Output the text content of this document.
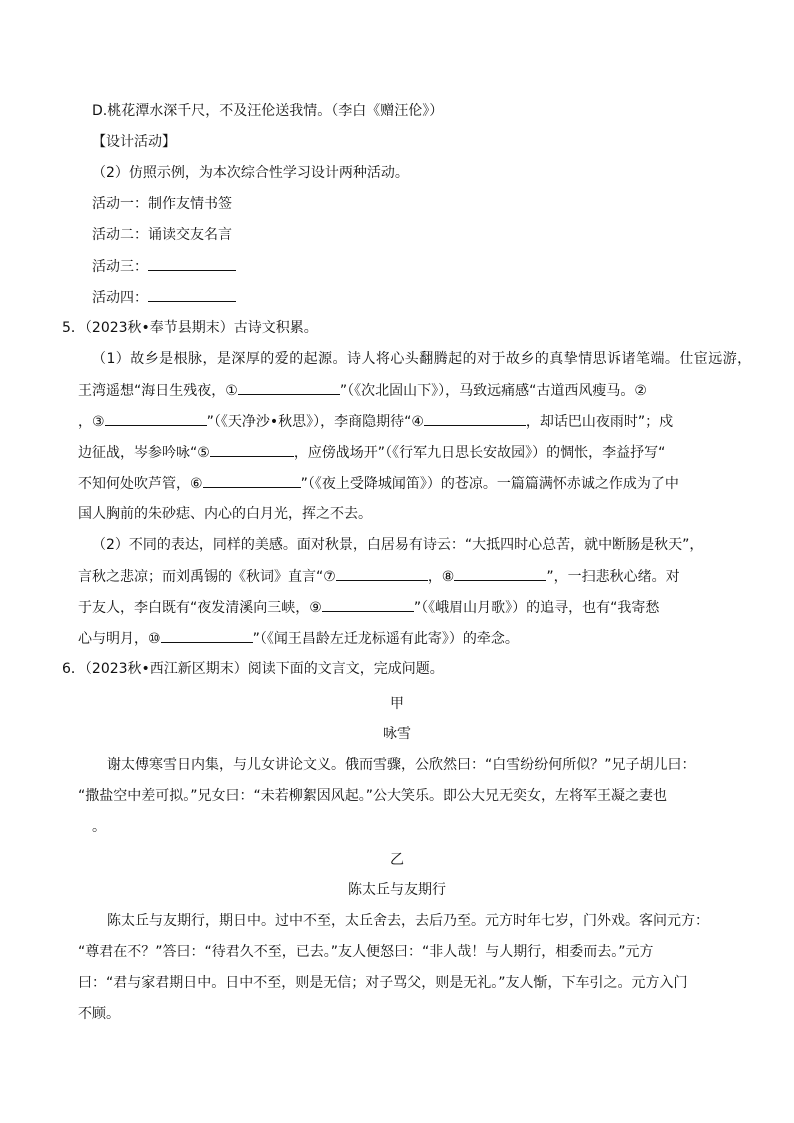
D.桃花潭水深千尺，不及汪伦送我情。（李白《赠汪伦》）
【设计活动】
（2）仿照示例，为本次综合性学习设计两种活动。
活动一：制作友情书签
活动二：诵读交友名言
活动三：
活动四：
5．（2023秋•奉节县期末）古诗文积累。
（1）故乡是根脉，是深厚的爱的起源。诗人将心头翻腾起的对于故乡的真挚情思诉诸笔端。仕宦远游，
王湾遥想“海日生残夜，①	”（《次北固山下》），马致远痛感“古道西风瘦马。②
，③	”（《天净沙•秋思》），李商隐期待“④	，却话巴山夜雨时”；戍
边征战，岑参吟咏“⑤	，应傍战场开”（《行军九日思长安故园》）的惆怅，李益抒写“
不知何处吹芦管，⑥	”（《夜上受降城闻笛》）的苍凉。一篇篇满怀赤诚之作成为了中
国人胸前的朱砂痣、内心的白月光，挥之不去。
（2）不同的表达，同样的美感。面对秋景，白居易有诗云：“大抵四时心总苦，就中断肠是秋天”，
言秋之悲凉；而刘禹锡的《秋词》直言“⑦	，⑧	”，一扫悲秋心绪。对
于友人，李白既有“夜发清溪向三峡，⑨	”（《峨眉山月歌》）的追寻，也有“我寄愁
心与明月，⑩	”（《闻王昌龄左迁龙标遥有此寄》）的牵念。
6．（2023秋•西江新区期末）阅读下面的文言文，完成问题。
甲
咏雪
谢太傅寒雪日内集，与儿女讲论文义。俄而雪骤，公欣然曰：“白雪纷纷何所似？”兄子胡儿曰：
“撒盐空中差可拟。”兄女曰：“未若柳絮因风起。”公大笑乐。即公大兄无奕女，左将军王凝之妻也
。
乙
陈太丘与友期行
陈太丘与友期行，期日中。过中不至，太丘舍去，去后乃至。元方时年七岁，门外戏。客问元方：
“尊君在不？”答曰：“待君久不至，已去。”友人便怒曰：“非人哉！与人期行，相委而去。”元方
曰：“君与家君期日中。日中不至，则是无信；对子骂父，则是无礼。”友人惭，下车引之。元方入门
不顾。
